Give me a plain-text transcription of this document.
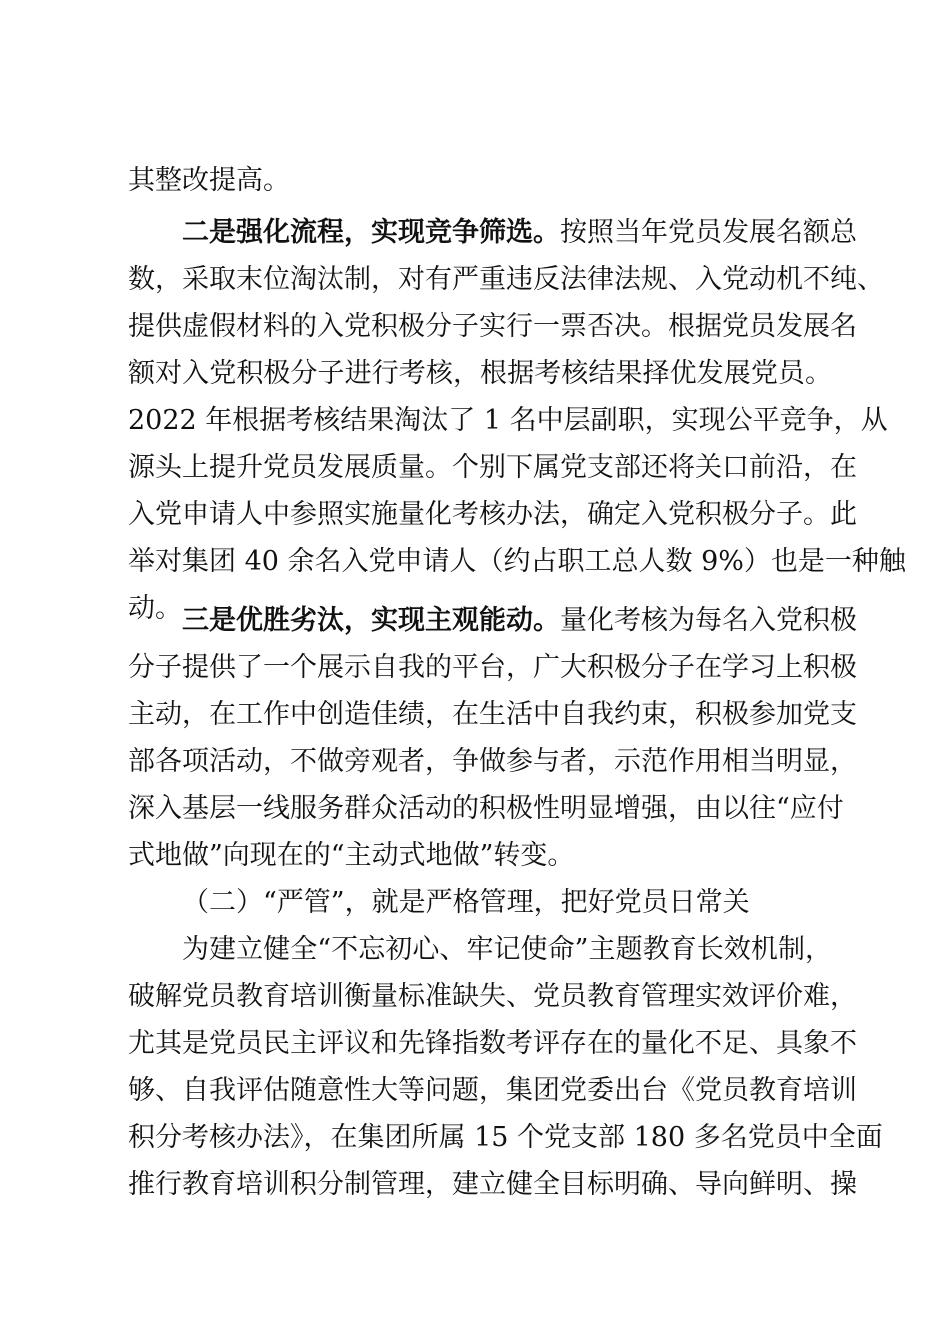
其整改提高。

二是强化流程，实现竞争筛选。按照当年党员发展名额总

数，采取末位淘汰制，对有严重违反法律法规、入党动机不纯、

提供虚假材料的入党积极分子实行一票否决。根据党员发展名

额对入党积极分子进行考核，根据考核结果择优发展党员。

2022 年根据考核结果淘汰了 1 名中层副职，实现公平竞争，从

源头上提升党员发展质量。个别下属党支部还将关口前沿，在

入党申请人中参照实施量化考核办法，确定入党积极分子。此

举对集团 40 余名入党申请人（约占职工总人数 9%）也是一种触

动。 三是优胜劣汰，实现主观能动。量化考核为每名入党积极

分子提供了一个展示自我的平台，广大积极分子在学习上积极

主动，在工作中创造佳绩，在生活中自我约束，积极参加党支

部各项活动，不做旁观者，争做参与者，示范作用相当明显，

深入基层一线服务群众活动的积极性明显增强，由以往“应付

式地做”向现在的“主动式地做”转变。

（二）“严管”，就是严格管理，把好党员日常关

为建立健全“不忘初心、牢记使命”主题教育长效机制，

破解党员教育培训衡量标准缺失、党员教育管理实效评价难，

尤其是党员民主评议和先锋指数考评存在的量化不足、具象不

够、自我评估随意性大等问题，集团党委出台《党员教育培训

积分考核办法》，在集团所属 15 个党支部 180 多名党员中全面

推行教育培训积分制管理，建立健全目标明确、导向鲜明、操
